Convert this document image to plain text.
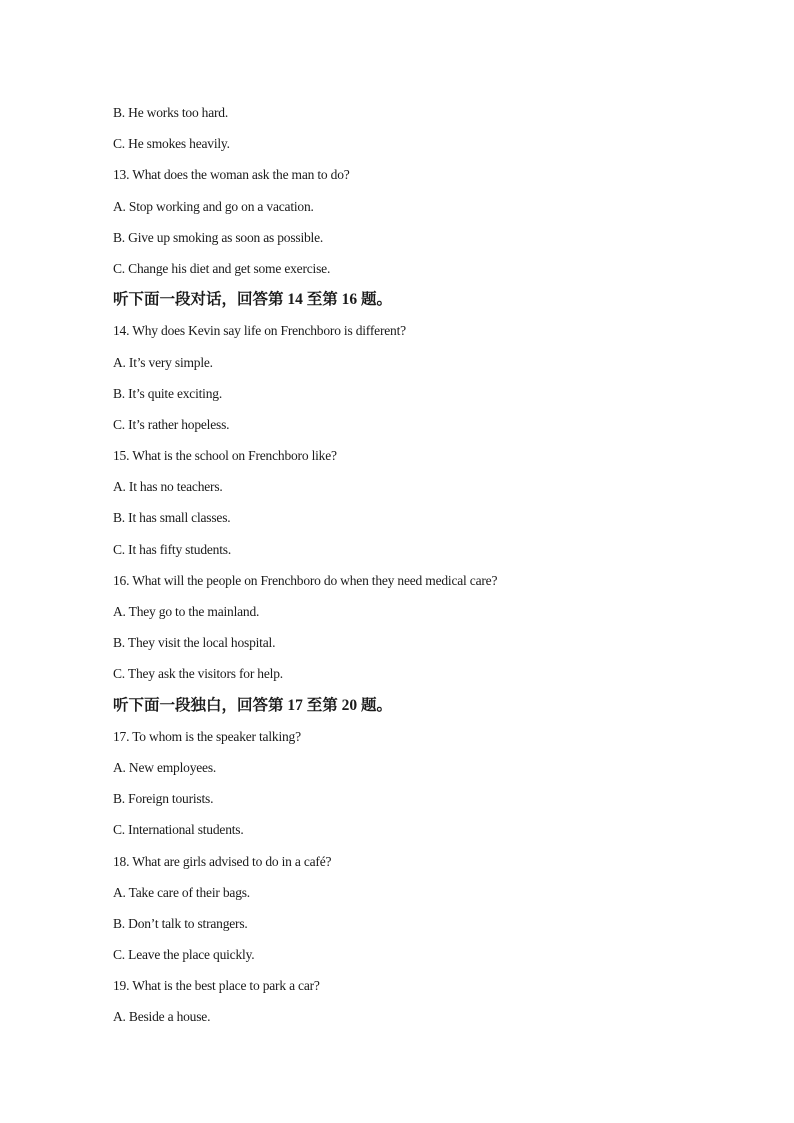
B. He works too hard.
C. He smokes heavily.
13. What does the woman ask the man to do?
A. Stop working and go on a vacation.
B. Give up smoking as soon as possible.
C. Change his diet and get some exercise.
听下面一段对话，回答第 14 至第 16 题。
14. Why does Kevin say life on Frenchboro is different?
A. It’s very simple.
B. It’s quite exciting.
C. It’s rather hopeless.
15. What is the school on Frenchboro like?
A. It has no teachers.
B. It has small classes.
C. It has fifty students.
16. What will the people on Frenchboro do when they need medical care?
A. They go to the mainland.
B. They visit the local hospital.
C. They ask the visitors for help.
听下面一段独白，回答第 17 至第 20 题。
17. To whom is the speaker talking?
A. New employees.
B. Foreign tourists.
C. International students.
18. What are girls advised to do in a café?
A. Take care of their bags.
B. Don’t talk to strangers.
C. Leave the place quickly.
19. What is the best place to park a car?
A. Beside a house.
